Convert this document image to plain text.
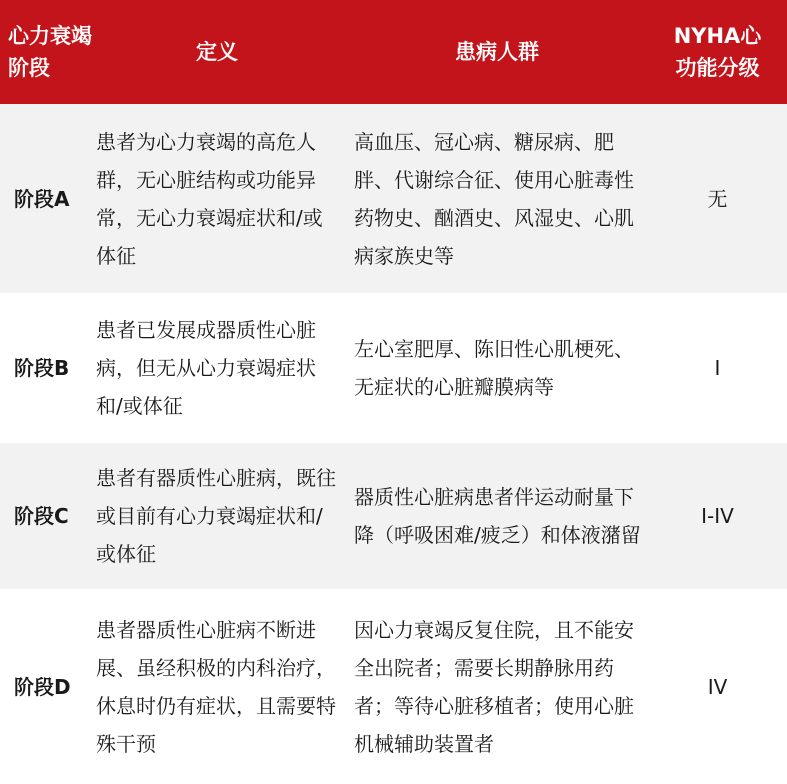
心力衰竭阶段	定义	患病人群	NYHA心功能分级
阶段A	患者为心力衰竭的高危人群，无心脏结构或功能异常，无心力衰竭症状和/或体征	高血压、冠心病、糖尿病、肥胖、代谢综合征、使用心脏毒性药物史、酗酒史、风湿史、心肌病家族史等	无
阶段B	患者已发展成器质性心脏病，但无从心力衰竭症状和/或体征	左心室肥厚、陈旧性心肌梗死、无症状的心脏瓣膜病等	I
阶段C	患者有器质性心脏病，既往或目前有心力衰竭症状和/或体征	器质性心脏病患者伴运动耐量下降（呼吸困难/疲乏）和体液潴留	I-IV
阶段D	患者器质性心脏病不断进展、虽经积极的内科治疗，休息时仍有症状，且需要特殊干预	因心力衰竭反复住院，且不能安全出院者；需要长期静脉用药者；等待心脏移植者；使用心脏机械辅助装置者	IV
